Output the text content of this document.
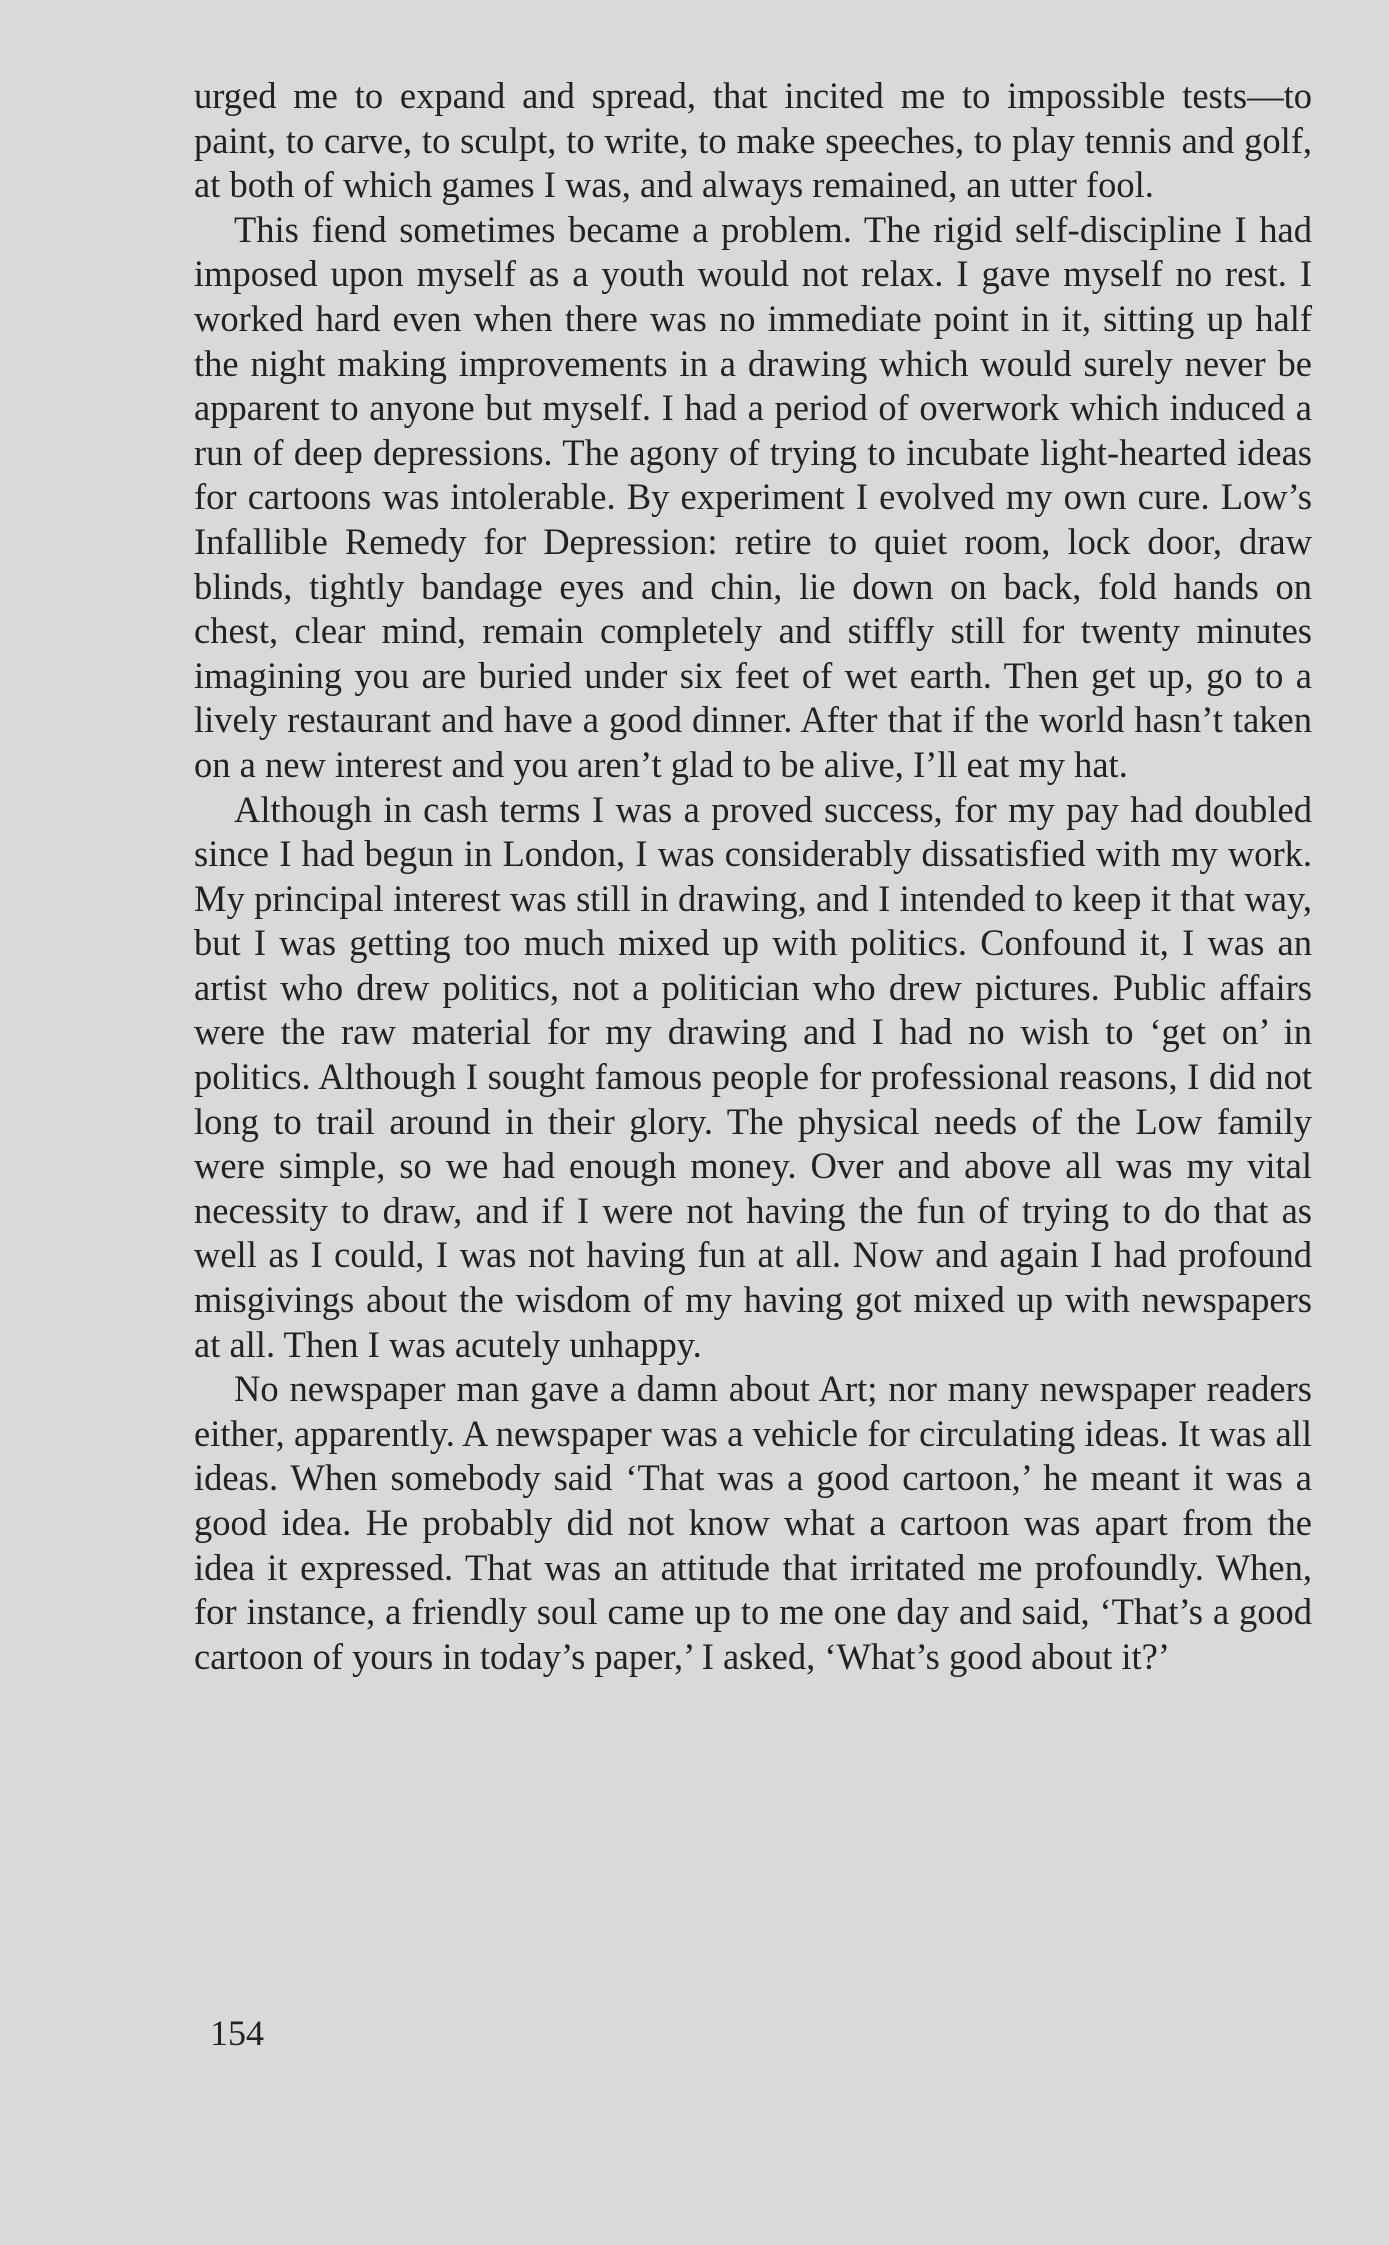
urged me to expand and spread, that incited me to impossible tests—to paint, to carve, to sculpt, to write, to make speeches, to play tennis and golf, at both of which games I was, and always remained, an utter fool.

This fiend sometimes became a problem. The rigid self-discipline I had imposed upon myself as a youth would not relax. I gave myself no rest. I worked hard even when there was no immediate point in it, sitting up half the night making improvements in a drawing which would surely never be apparent to anyone but myself. I had a period of overwork which induced a run of deep depressions. The agony of trying to incubate light-hearted ideas for cartoons was intolerable. By experiment I evolved my own cure. Low’s Infallible Remedy for Depression: retire to quiet room, lock door, draw blinds, tightly bandage eyes and chin, lie down on back, fold hands on chest, clear mind, remain completely and stiffly still for twenty minutes imagining you are buried under six feet of wet earth. Then get up, go to a lively restaurant and have a good dinner. After that if the world hasn’t taken on a new interest and you aren’t glad to be alive, I’ll eat my hat.

Although in cash terms I was a proved success, for my pay had doubled since I had begun in London, I was considerably dissatisfied with my work. My principal interest was still in drawing, and I intended to keep it that way, but I was getting too much mixed up with politics. Confound it, I was an artist who drew politics, not a politician who drew pictures. Public affairs were the raw material for my drawing and I had no wish to ‘get on’ in politics. Although I sought famous people for professional reasons, I did not long to trail around in their glory. The physical needs of the Low family were simple, so we had enough money. Over and above all was my vital necessity to draw, and if I were not having the fun of trying to do that as well as I could, I was not having fun at all. Now and again I had profound misgivings about the wisdom of my having got mixed up with newspapers at all. Then I was acutely unhappy.

No newspaper man gave a damn about Art; nor many newspaper readers either, apparently. A newspaper was a vehicle for circulating ideas. It was all ideas. When somebody said ‘That was a good cartoon,’ he meant it was a good idea. He probably did not know what a cartoon was apart from the idea it expressed. That was an attitude that irritated me profoundly. When, for instance, a friendly soul came up to me one day and said, ‘That’s a good cartoon of yours in today’s paper,’ I asked, ‘What’s good about it?’

154
